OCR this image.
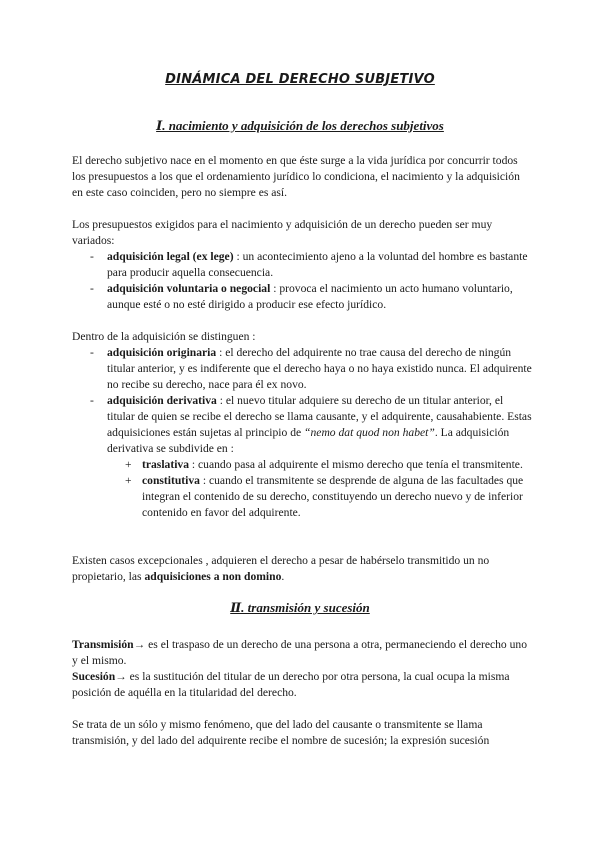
DINÁMICA DEL DERECHO SUBJETIVO
Ⅰ. nacimiento y adquisición de los derechos subjetivos

El derecho subjetivo nace en el momento en que éste surge a la vida jurídica por concurrir todos los presupuestos a los que el ordenamiento jurídico lo condiciona, el nacimiento y la adquisición en este caso coinciden, pero no siempre es así.

Los presupuestos exigidos para el nacimiento y adquisición de un derecho pueden ser muy variados:

- adquisición legal (ex lege) : un acontecimiento ajeno a la voluntad del hombre es bastante para producir aquella consecuencia.
- adquisición voluntaria o negocial : provoca el nacimiento un acto humano voluntario, aunque esté o no esté dirigido a producir ese efecto jurídico.

Dentro de la adquisición se distinguen :

- adquisición originaria : el derecho del adquirente no trae causa del derecho de ningún titular anterior, y es indiferente que el derecho haya o no haya existido nunca. El adquirente no recibe su derecho, nace para él ex novo.
- adquisición derivativa : el nuevo titular adquiere su derecho de un titular anterior, el titular de quien se recibe el derecho se llama causante, y el adquirente, causahabiente. Estas adquisiciones están sujetas al principio de “nemo dat quod non habet”. La adquisición derivativa se subdivide en :
+ traslativa : cuando pasa al adquirente el mismo derecho que tenía el transmitente.
+ constitutiva : cuando el transmitente se desprende de alguna de las facultades que integran el contenido de su derecho, constituyendo un derecho nuevo y de inferior contenido en favor del adquirente.

Existen casos excepcionales , adquieren el derecho a pesar de habérselo transmitido un no propietario, las adquisiciones a non domino.

Ⅱ. transmisión y sucesión

Transmisión→ es el traspaso de un derecho de una persona a otra, permaneciendo el derecho uno y el mismo.
Sucesión→ es la sustitución del titular de un derecho por otra persona, la cual ocupa la misma posición de aquélla en la titularidad del derecho.

Se trata de un sólo y mismo fenómeno, que del lado del causante o transmitente se llama transmisión, y del lado del adquirente recibe el nombre de sucesión; la expresión sucesión
